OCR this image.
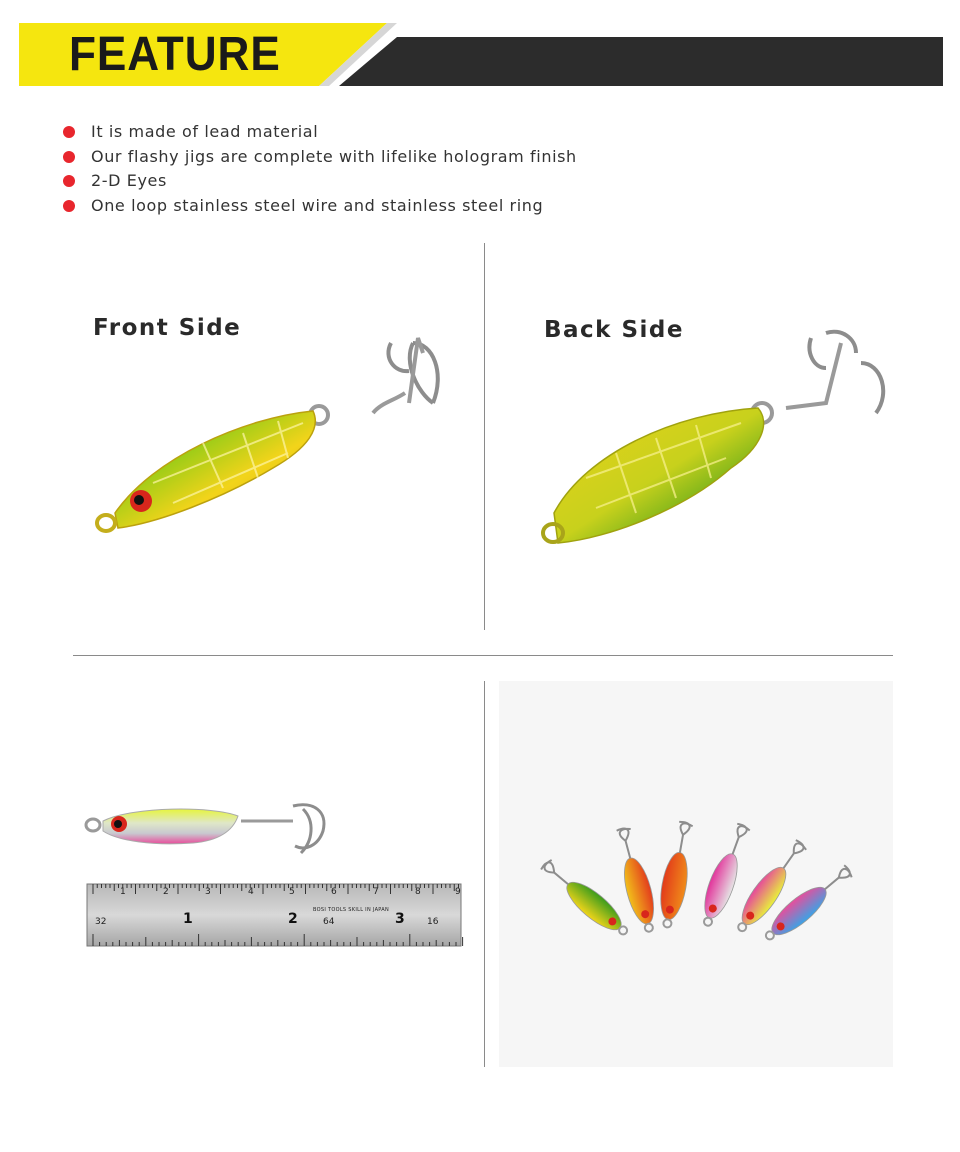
FEATURE
It is made of lead material
Our flashy jigs are complete with lifelike hologram finish
2-D Eyes
One loop stainless steel wire and stainless steel ring
Front Side	Back Side
1	2	3	4	5	6	7	8	9
32	1	2	3
64	16
BOSI TOOLS SKILL IN JAPAN
